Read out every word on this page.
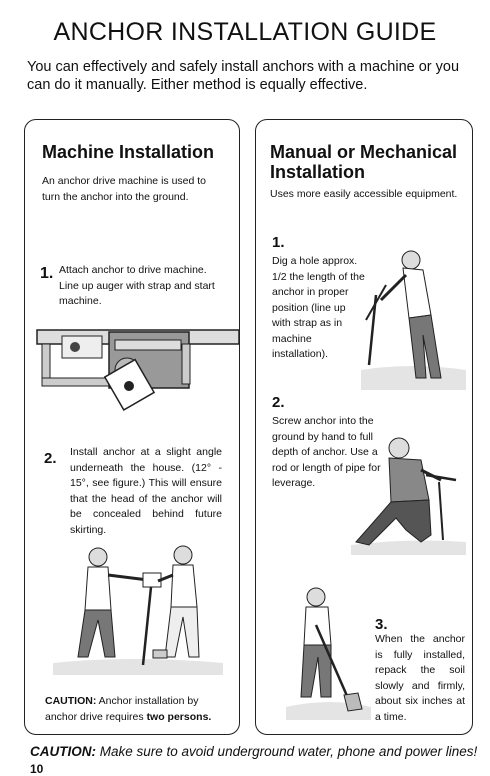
ANCHOR INSTALLATION GUIDE
You can effectively and safely install anchors with a machine or you can do it manually. Either method is equally effective.
Machine Installation
An anchor drive machine is used to turn the anchor into the ground.
1. Attach anchor to drive machine. Line up auger with strap and start machine.
2. Install anchor at a slight angle underneath the house. (12° - 15°, see figure.) This will ensure that the head of the anchor will be concealed behind future skirting.
CAUTION: Anchor installation by anchor drive requires two persons.
Manual or Mechanical
Installation
Uses more easily accessible equipment.
1.
Dig a hole approx. 1/2 the length of the anchor in proper position (line up with strap as in machine installation).
2.
Screw anchor into the ground by hand to full depth of anchor. Use a rod or length of pipe for leverage.
3.
When the anchor is fully installed, repack the soil slowly and firmly, about six inches at a time.
CAUTION: Make sure to avoid underground water, phone and power lines!
10
